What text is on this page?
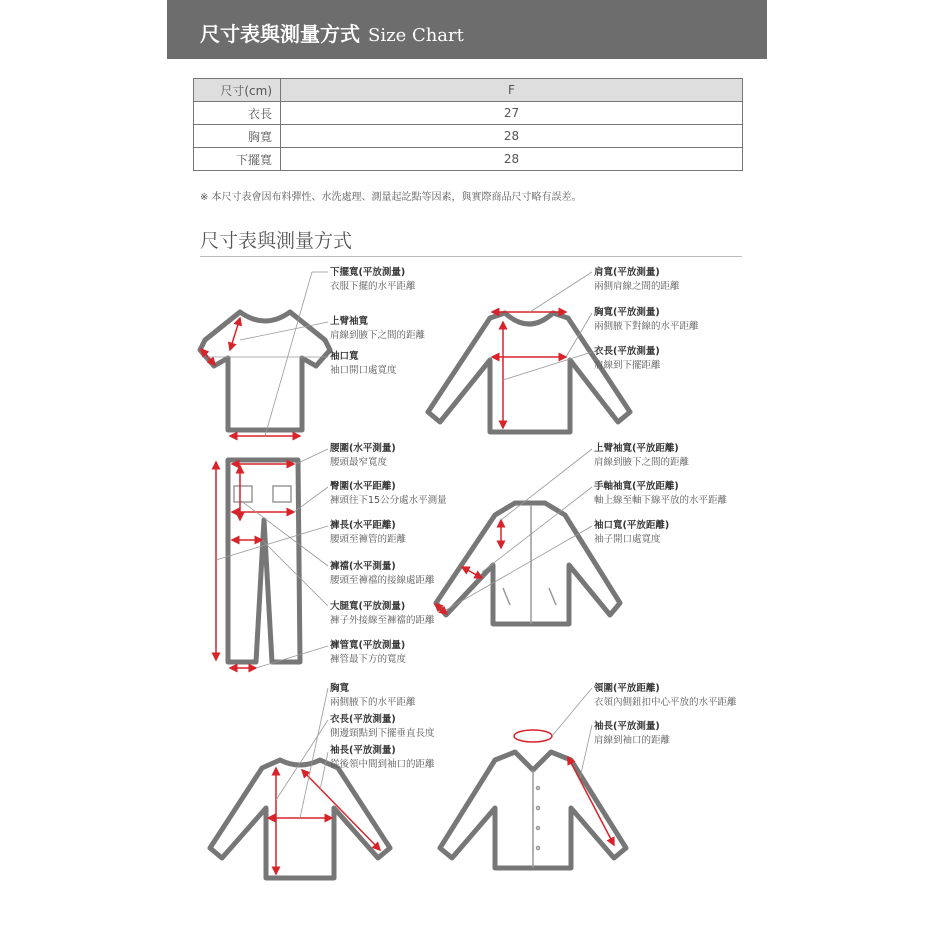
尺寸表與測量方式 Size Chart
尺寸(cm)	F
衣長	27
胸寬	28
下擺寬	28
※ 本尺寸表會因布料彈性、水洗處理、測量起訖點等因素，與實際商品尺寸略有誤差。
尺寸表與測量方式
下擺寬(平放測量)
衣服下擺的水平距離
上臂袖寬
肩線到腋下之間的距離
袖口寬
袖口開口處寬度
肩寬(平放測量)
兩側肩線之間的距離
胸寬(平放測量)
兩側腋下對線的水平距離
衣長(平放測量)
肩線到下擺距離
腰圍(水平測量)
腰頭最窄寬度
臀圍(水平距離)
褲頭往下15公分處水平測量
褲長(水平距離)
腰頭至褲管的距離
褲襠(水平測量)
腰頭至褲襠的接線處距離
大腿寬(平放測量)
褲子外接線至褲襠的距離
褲管寬(平放測量)
褲管最下方的寬度
上臂袖寬(平放距離)
肩線到腋下之間的距離
手軸袖寬(平放距離)
軸上線至軸下線平放的水平距離
袖口寬(平放距離)
袖子開口處寬度
胸寬
兩側腋下的水平距離
衣長(平放測量)
側邊頸點到下擺垂直長度
袖長(平放測量)
從後領中間到袖口的距離
領圍(平放距離)
衣領內側鈕扣中心平放的水平距離
袖長(平放測量)
肩線到袖口的距離
